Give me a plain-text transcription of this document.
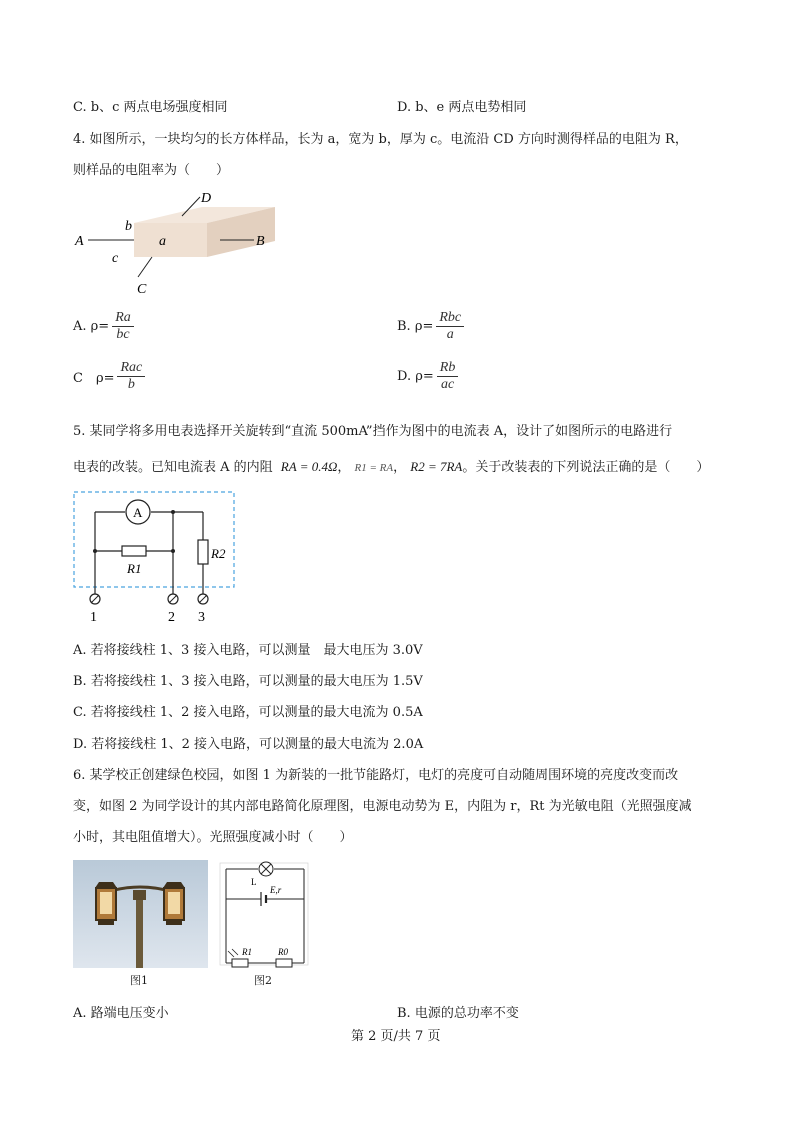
C. b、c 两点电场强度相同	D. b、e 两点电势相同
4. 如图所示，一块均匀的长方体样品，长为 a，宽为 b，厚为 c。电流沿 CD 方向时测得样品的电阻为 R，
则样品的电阻率为（　　）
A	B
D
C
b
a
c
A. $\rho= \frac{Ra}{bc}$	B. $\rho= \frac{\text{Rbc}}{a}$
C　$\rho= \frac{\text{Rac}}{b}$	D. $\rho= \frac{Rb}{ac}$
5. 某同学将多用电表选择开关旋转到“直流 500mA”挡作为图中的电流表 A，设计了如图所示的电路进行
电表的改装。已知电流表 A 的内阻 RA = 0.4Ω， R1 = RA， R2 = 7RA。关于改装表的下列说法正确的是（　　）
A
R1
R2
1	2 3
A. 若将接线柱 1、3 接入电路，可以测量　最大电压为 3.0V
B. 若将接线柱 1、3 接入电路，可以测量的最大电压为 1.5V
C. 若将接线柱 1、2 接入电路，可以测量的最大电流为 0.5A
D. 若将接线柱 1、2 接入电路，可以测量的最大电流为 2.0A
6. 某学校正创建绿色校园，如图 1 为新装的一批节能路灯，电灯的亮度可自动随周围环境的亮度改变而改
变，如图 2 为同学设计的其内部电路简化原理图，电源电动势为 E，内阻为 r，Rt 为光敏电阻（光照强度减
小时，其电阻值增大）。光照强度减小时（　　）
图1
L
E,r
R1	R0
图2
A. 路端电压变小	B. 电源的总功率不变
第 2 页/共 7 页
